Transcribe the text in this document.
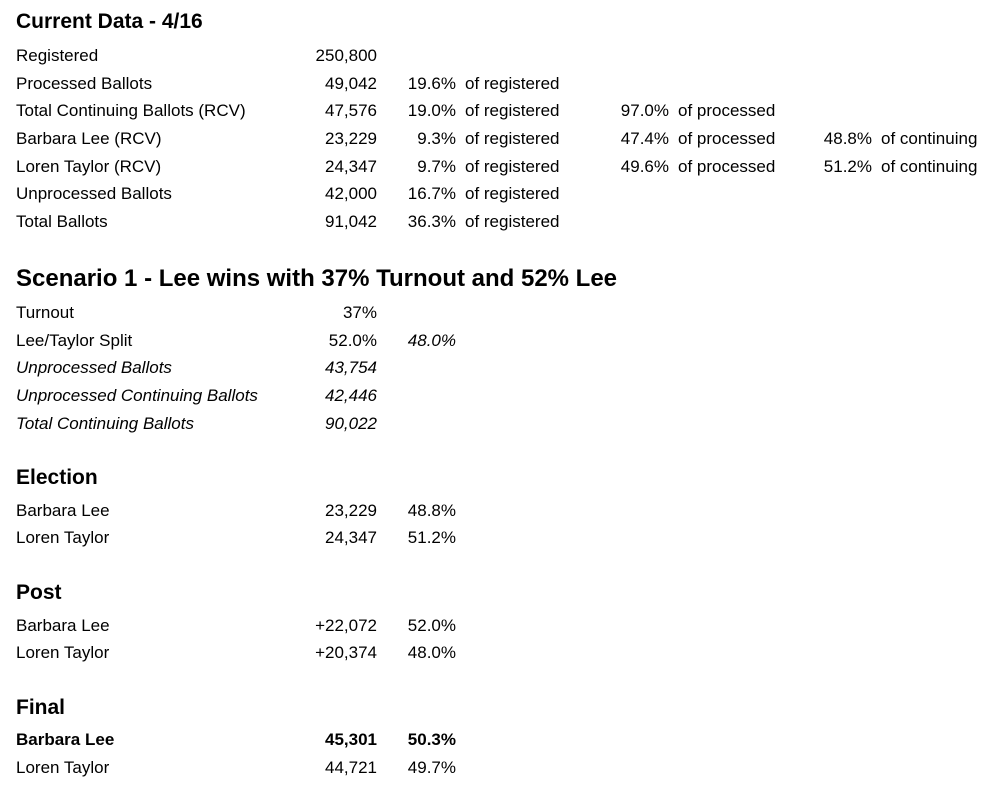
Current Data - 4/16
Registered	250,800
Processed Ballots	49,042 19.6% of registered
Total Continuing Ballots (RCV)	47,576 19.0% of registered	97.0% of processed
Barbara Lee (RCV)	23,229 9.3% of registered	47.4% of processed	48.8% of continuing
Loren Taylor (RCV)	24,347 9.7% of registered	49.6% of processed	51.2% of continuing
Unprocessed Ballots	42,000 16.7% of registered
Total Ballots	91,042 36.3% of registered
Scenario 1 - Lee wins with 37% Turnout and 52% Lee
Turnout	37%
Lee/Taylor Split	52.0% 48.0%
Unprocessed Ballots	43,754
Unprocessed Continuing Ballots	42,446
Total Continuing Ballots	90,022
Election
Barbara Lee	23,229 48.8%
Loren Taylor	24,347 51.2%
Post
Barbara Lee	+22,072 52.0%
Loren Taylor	+20,374 48.0%
Final
Barbara Lee	45,301 50.3%
Loren Taylor	44,721 49.7%
